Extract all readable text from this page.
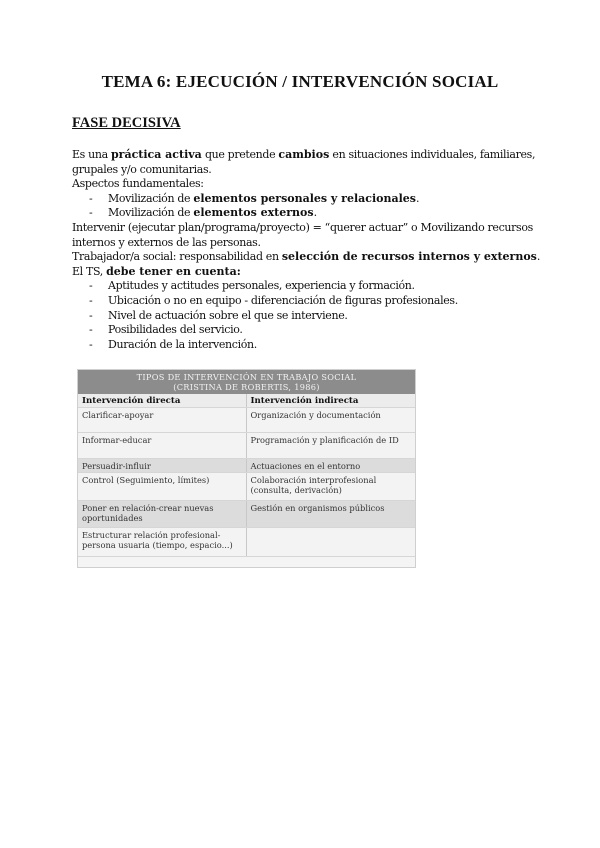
TEMA 6: EJECUCIÓN / INTERVENCIÓN SOCIAL
FASE DECISIVA

Es una práctica activa que pretende cambios en situaciones individuales, familiares, grupales y/o comunitarias.

Aspectos fundamentales:

- Movilización de elementos personales y relacionales.
- Movilización de elementos externos.

Intervenir (ejecutar plan/programa/proyecto) = “querer actuar” o Movilizando recursos internos y externos de las personas.

Trabajador/a social: responsabilidad en selección de recursos internos y externos.

El TS, debe tener en cuenta:

- Aptitudes y actitudes personales, experiencia y formación.
- Ubicación o no en equipo - diferenciación de figuras profesionales.
- Nivel de actuación sobre el que se interviene.
- Posibilidades del servicio.
- Duración de la intervención.
TIPOS DE INTERVENCIÓN EN TRABAJO SOCIAL
(CRISTINA DE ROBERTIS, 1986)
Intervención directa	Intervención indirecta
Clarificar-apoyar	Organización y documentación
Informar-educar	Programación y planificación de ID
Persuadir-influir	Actuaciones en el entorno
Control (Seguimiento, límites)	Colaboración interprofesional (consulta, derivación)
Poner en relación-crear nuevas oportunidades	Gestión en organismos públicos
Estructurar relación profesional-persona usuaria (tiempo, espacio...)	
